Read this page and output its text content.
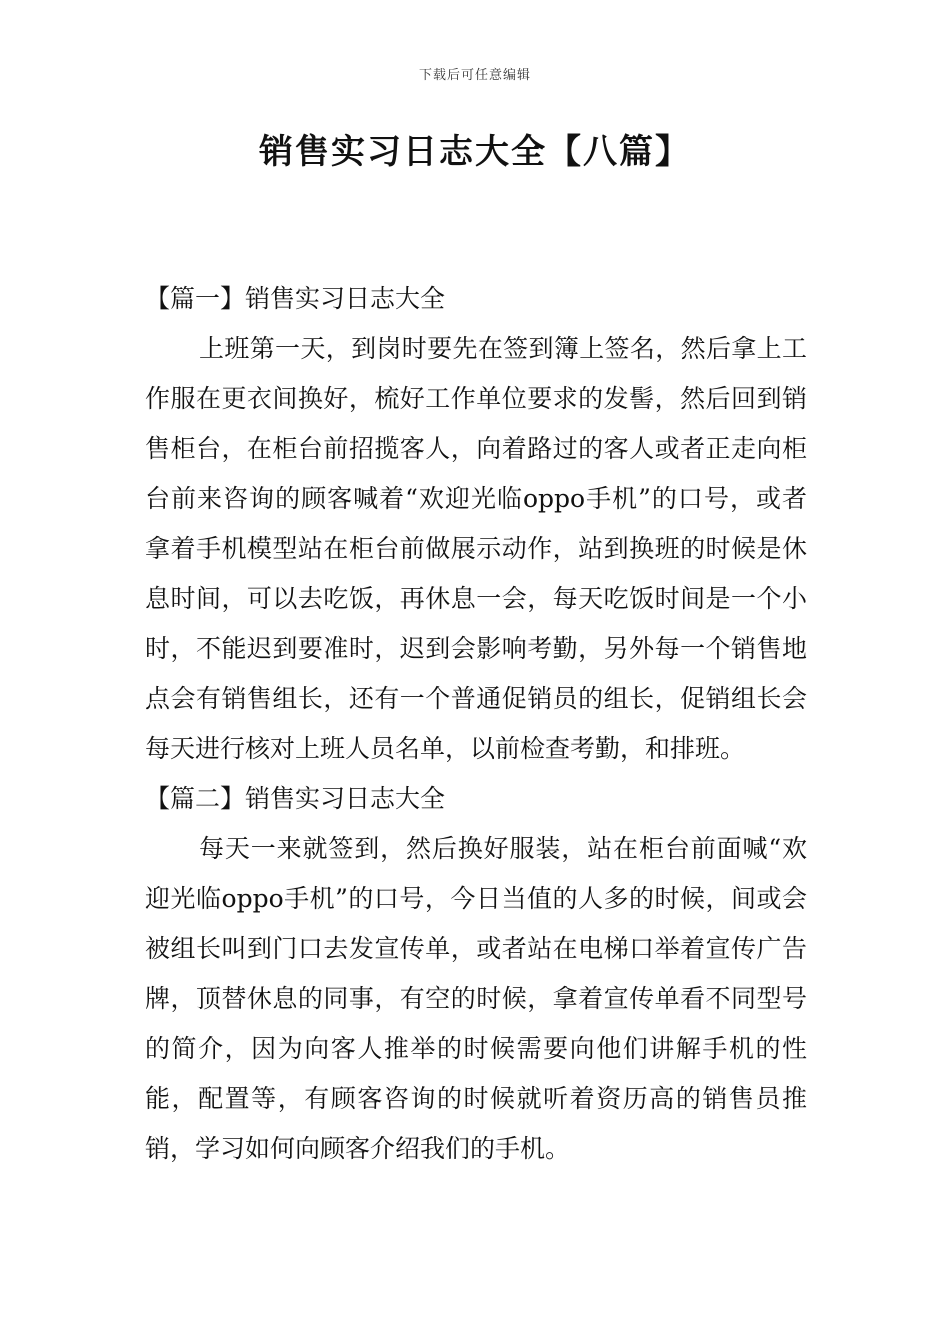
下载后可任意编辑
销售实习日志大全【八篇】
【篇一】销售实习日志大全

上班第一天，到岗时要先在签到簿上签名，然后拿上工作服在更衣间换好，梳好工作单位要求的发髻，然后回到销售柜台，在柜台前招揽客人，向着路过的客人或者正走向柜台前来咨询的顾客喊着“欢迎光临oppo手机”的口号，或者拿着手机模型站在柜台前做展示动作，站到换班的时候是休息时间，可以去吃饭，再休息一会，每天吃饭时间是一个小时，不能迟到要准时，迟到会影响考勤，另外每一个销售地点会有销售组长，还有一个普通促销员的组长，促销组长会每天进行核对上班人员名单，以前检查考勤，和排班。

【篇二】销售实习日志大全

每天一来就签到，然后换好服装，站在柜台前面喊“欢迎光临oppo手机”的口号，今日当值的人多的时候，间或会被组长叫到门口去发宣传单，或者站在电梯口举着宣传广告牌，顶替休息的同事，有空的时候，拿着宣传单看不同型号的简介，因为向客人推举的时候需要向他们讲解手机的性能，配置等，有顾客咨询的时候就听着资历高的销售员推销，学习如何向顾客介绍我们的手机。
